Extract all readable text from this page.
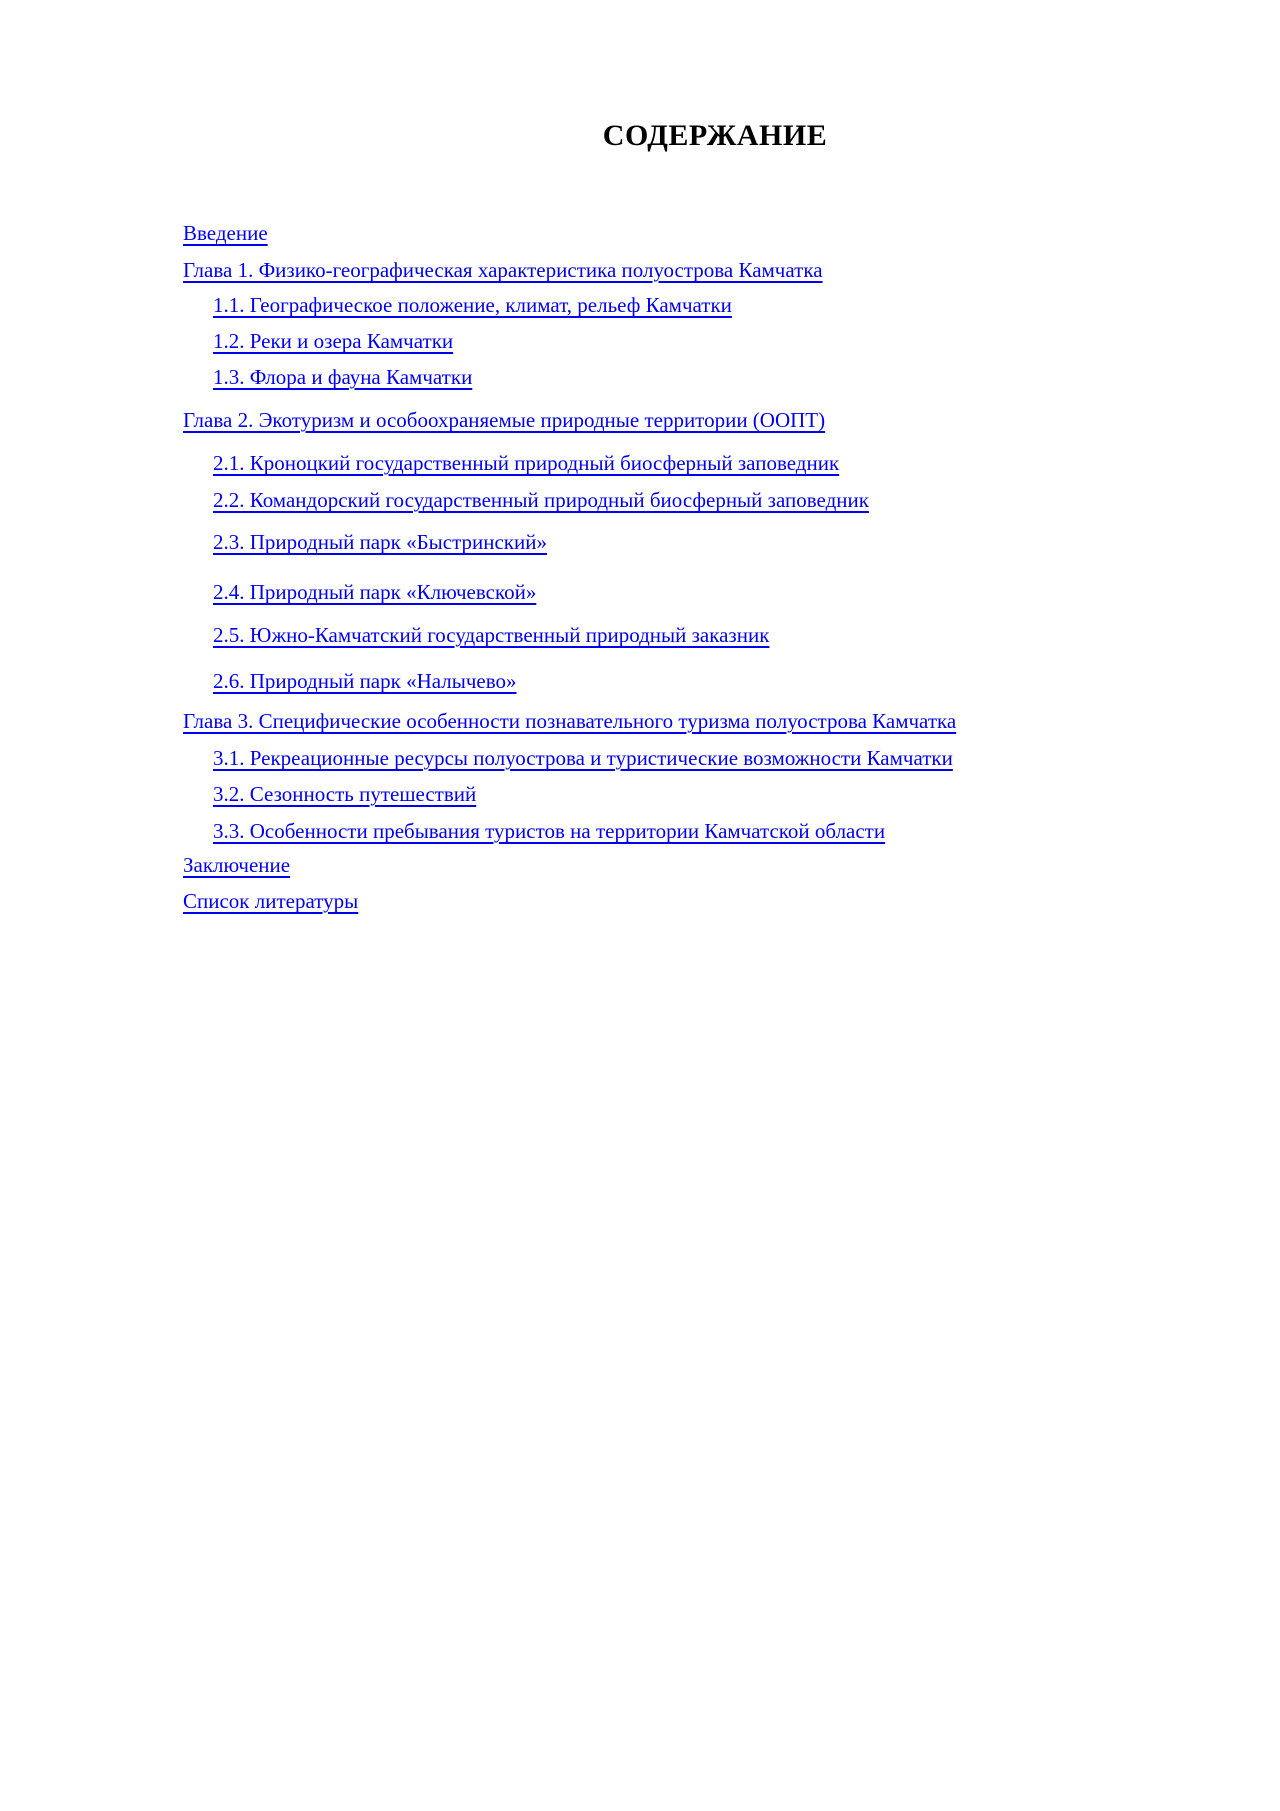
СОДЕРЖАНИЕ
Введение
Глава 1. Физико-географическая характеристика полуострова Камчатка
1.1. Географическое положение, климат, рельеф Камчатки
1.2. Реки и озера Камчатки
1.3. Флора и фауна Камчатки
Глава 2. Экотуризм и особоохраняемые природные территории (ООПТ)
2.1. Кроноцкий государственный природный биосферный заповедник
2.2. Командорский государственный природный биосферный заповедник
2.3. Природный парк «Быстринский»
2.4. Природный парк «Ключевской»
2.5. Южно-Камчатский государственный природный заказник
2.6. Природный парк «Налычево»
Глава 3. Специфические особенности познавательного туризма полуострова Камчатка
3.1. Рекреационные ресурсы полуострова и туристические возможности Камчатки
3.2. Сезонность путешествий
3.3. Особенности пребывания туристов на территории Камчатской области
Заключение
Список литературы
